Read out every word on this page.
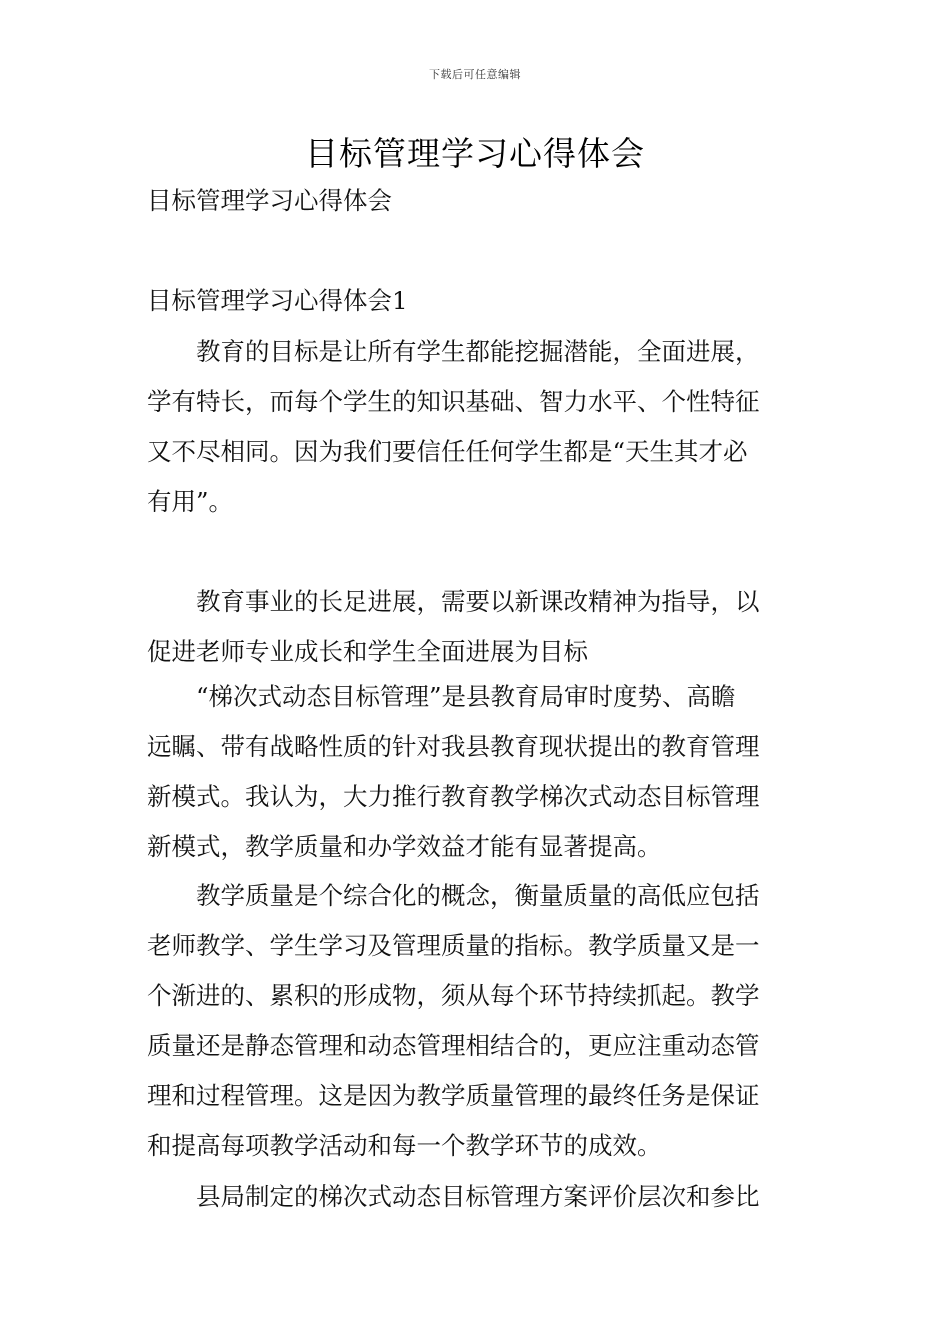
下载后可任意编辑
目标管理学习心得体会

目标管理学习心得体会

目标管理学习心得体会1

教育的目标是让所有学生都能挖掘潜能，全面进展，
学有特长，而每个学生的知识基础、智力水平、个性特征
又不尽相同。因为我们要信任任何学生都是“天生其才必
有用”。

教育事业的长足进展，需要以新课改精神为指导，以
促进老师专业成长和学生全面进展为目标

“梯次式动态目标管理”是县教育局审时度势、高瞻
远瞩、带有战略性质的针对我县教育现状提出的教育管理
新模式。我认为，大力推行教育教学梯次式动态目标管理
新模式，教学质量和办学效益才能有显著提高。

教学质量是个综合化的概念，衡量质量的高低应包括
老师教学、学生学习及管理质量的指标。教学质量又是一
个渐进的、累积的形成物，须从每个环节持续抓起。教学
质量还是静态管理和动态管理相结合的，更应注重动态管
理和过程管理。这是因为教学质量管理的最终任务是保证
和提高每项教学活动和每一个教学环节的成效。

县局制定的梯次式动态目标管理方案评价层次和参比
